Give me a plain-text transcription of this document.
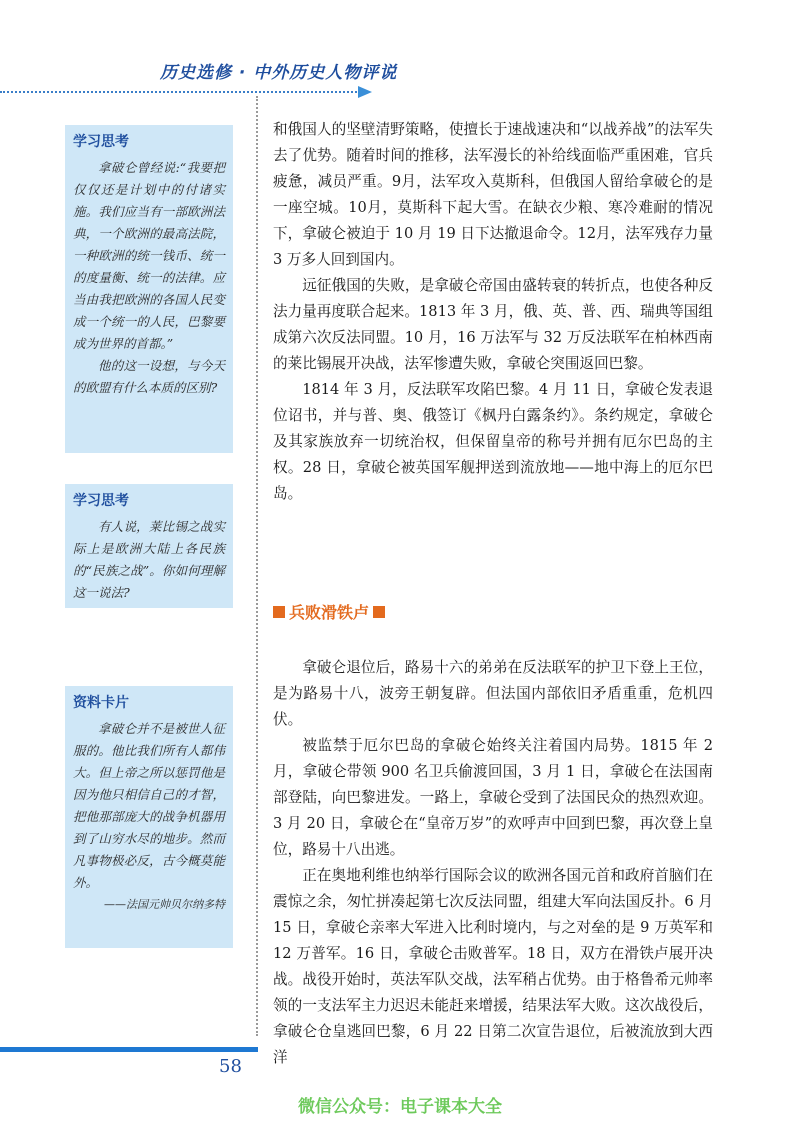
历史选修 · 中外历史人物评说
学习思考

拿破仑曾经说:“我要把仅仅还是计划中的付诸实施。我们应当有一部欧洲法典，一个欧洲的最高法院，一种欧洲的统一钱币、统一的度量衡、统一的法律。应当由我把欧洲的各国人民变成一个统一的人民，巴黎要成为世界的首都。”

他的这一设想，与今天的欧盟有什么本质的区别?

学习思考

有人说，莱比锡之战实际上是欧洲大陆上各民族的“民族之战”。你如何理解这一说法?

资料卡片

拿破仑并不是被世人征服的。他比我们所有人都伟大。但上帝之所以惩罚他是因为他只相信自己的才智，把他那部庞大的战争机器用到了山穷水尽的地步。然而凡事物极必反，古今概莫能外。

——法国元帅贝尔纳多特

和俄国人的坚壁清野策略，使擅长于速战速决和“以战养战”的法军失去了优势。随着时间的推移，法军漫长的补给线面临严重困难，官兵疲惫，减员严重。9月，法军攻入莫斯科，但俄国人留给拿破仑的是一座空城。10月，莫斯科下起大雪。在缺衣少粮、寒冷难耐的情况下，拿破仑被迫于 10 月 19 日下达撤退命令。12月，法军残存力量 3 万多人回到国内。

远征俄国的失败，是拿破仑帝国由盛转衰的转折点，也使各种反法力量再度联合起来。1813 年 3 月，俄、英、普、西、瑞典等国组成第六次反法同盟。10 月，16 万法军与 32 万反法联军在柏林西南的莱比锡展开决战，法军惨遭失败，拿破仑突围返回巴黎。

1814 年 3 月，反法联军攻陷巴黎。4 月 11 日，拿破仑发表退位诏书，并与普、奥、俄签订《枫丹白露条约》。条约规定，拿破仑及其家族放弃一切统治权，但保留皇帝的称号并拥有厄尔巴岛的主权。28 日，拿破仑被英国军舰押送到流放地——地中海上的厄尔巴岛。

兵败滑铁卢

拿破仑退位后，路易十六的弟弟在反法联军的护卫下登上王位，是为路易十八，波旁王朝复辟。但法国内部依旧矛盾重重，危机四伏。

被监禁于厄尔巴岛的拿破仑始终关注着国内局势。1815 年 2 月，拿破仑带领 900 名卫兵偷渡回国，3 月 1 日，拿破仑在法国南部登陆，向巴黎进发。一路上，拿破仑受到了法国民众的热烈欢迎。3 月 20 日，拿破仑在“皇帝万岁”的欢呼声中回到巴黎，再次登上皇位，路易十八出逃。

正在奥地利维也纳举行国际会议的欧洲各国元首和政府首脑们在震惊之余，匆忙拼凑起第七次反法同盟，组建大军向法国反扑。6 月 15 日，拿破仑亲率大军进入比利时境内，与之对垒的是 9 万英军和 12 万普军。16 日，拿破仑击败普军。18 日，双方在滑铁卢展开决战。战役开始时，英法军队交战，法军稍占优势。由于格鲁希元帅率领的一支法军主力迟迟未能赶来增援，结果法军大败。这次战役后，拿破仑仓皇逃回巴黎，6 月 22 日第二次宣告退位，后被流放到大西洋

58
微信公众号：电子课本大全
